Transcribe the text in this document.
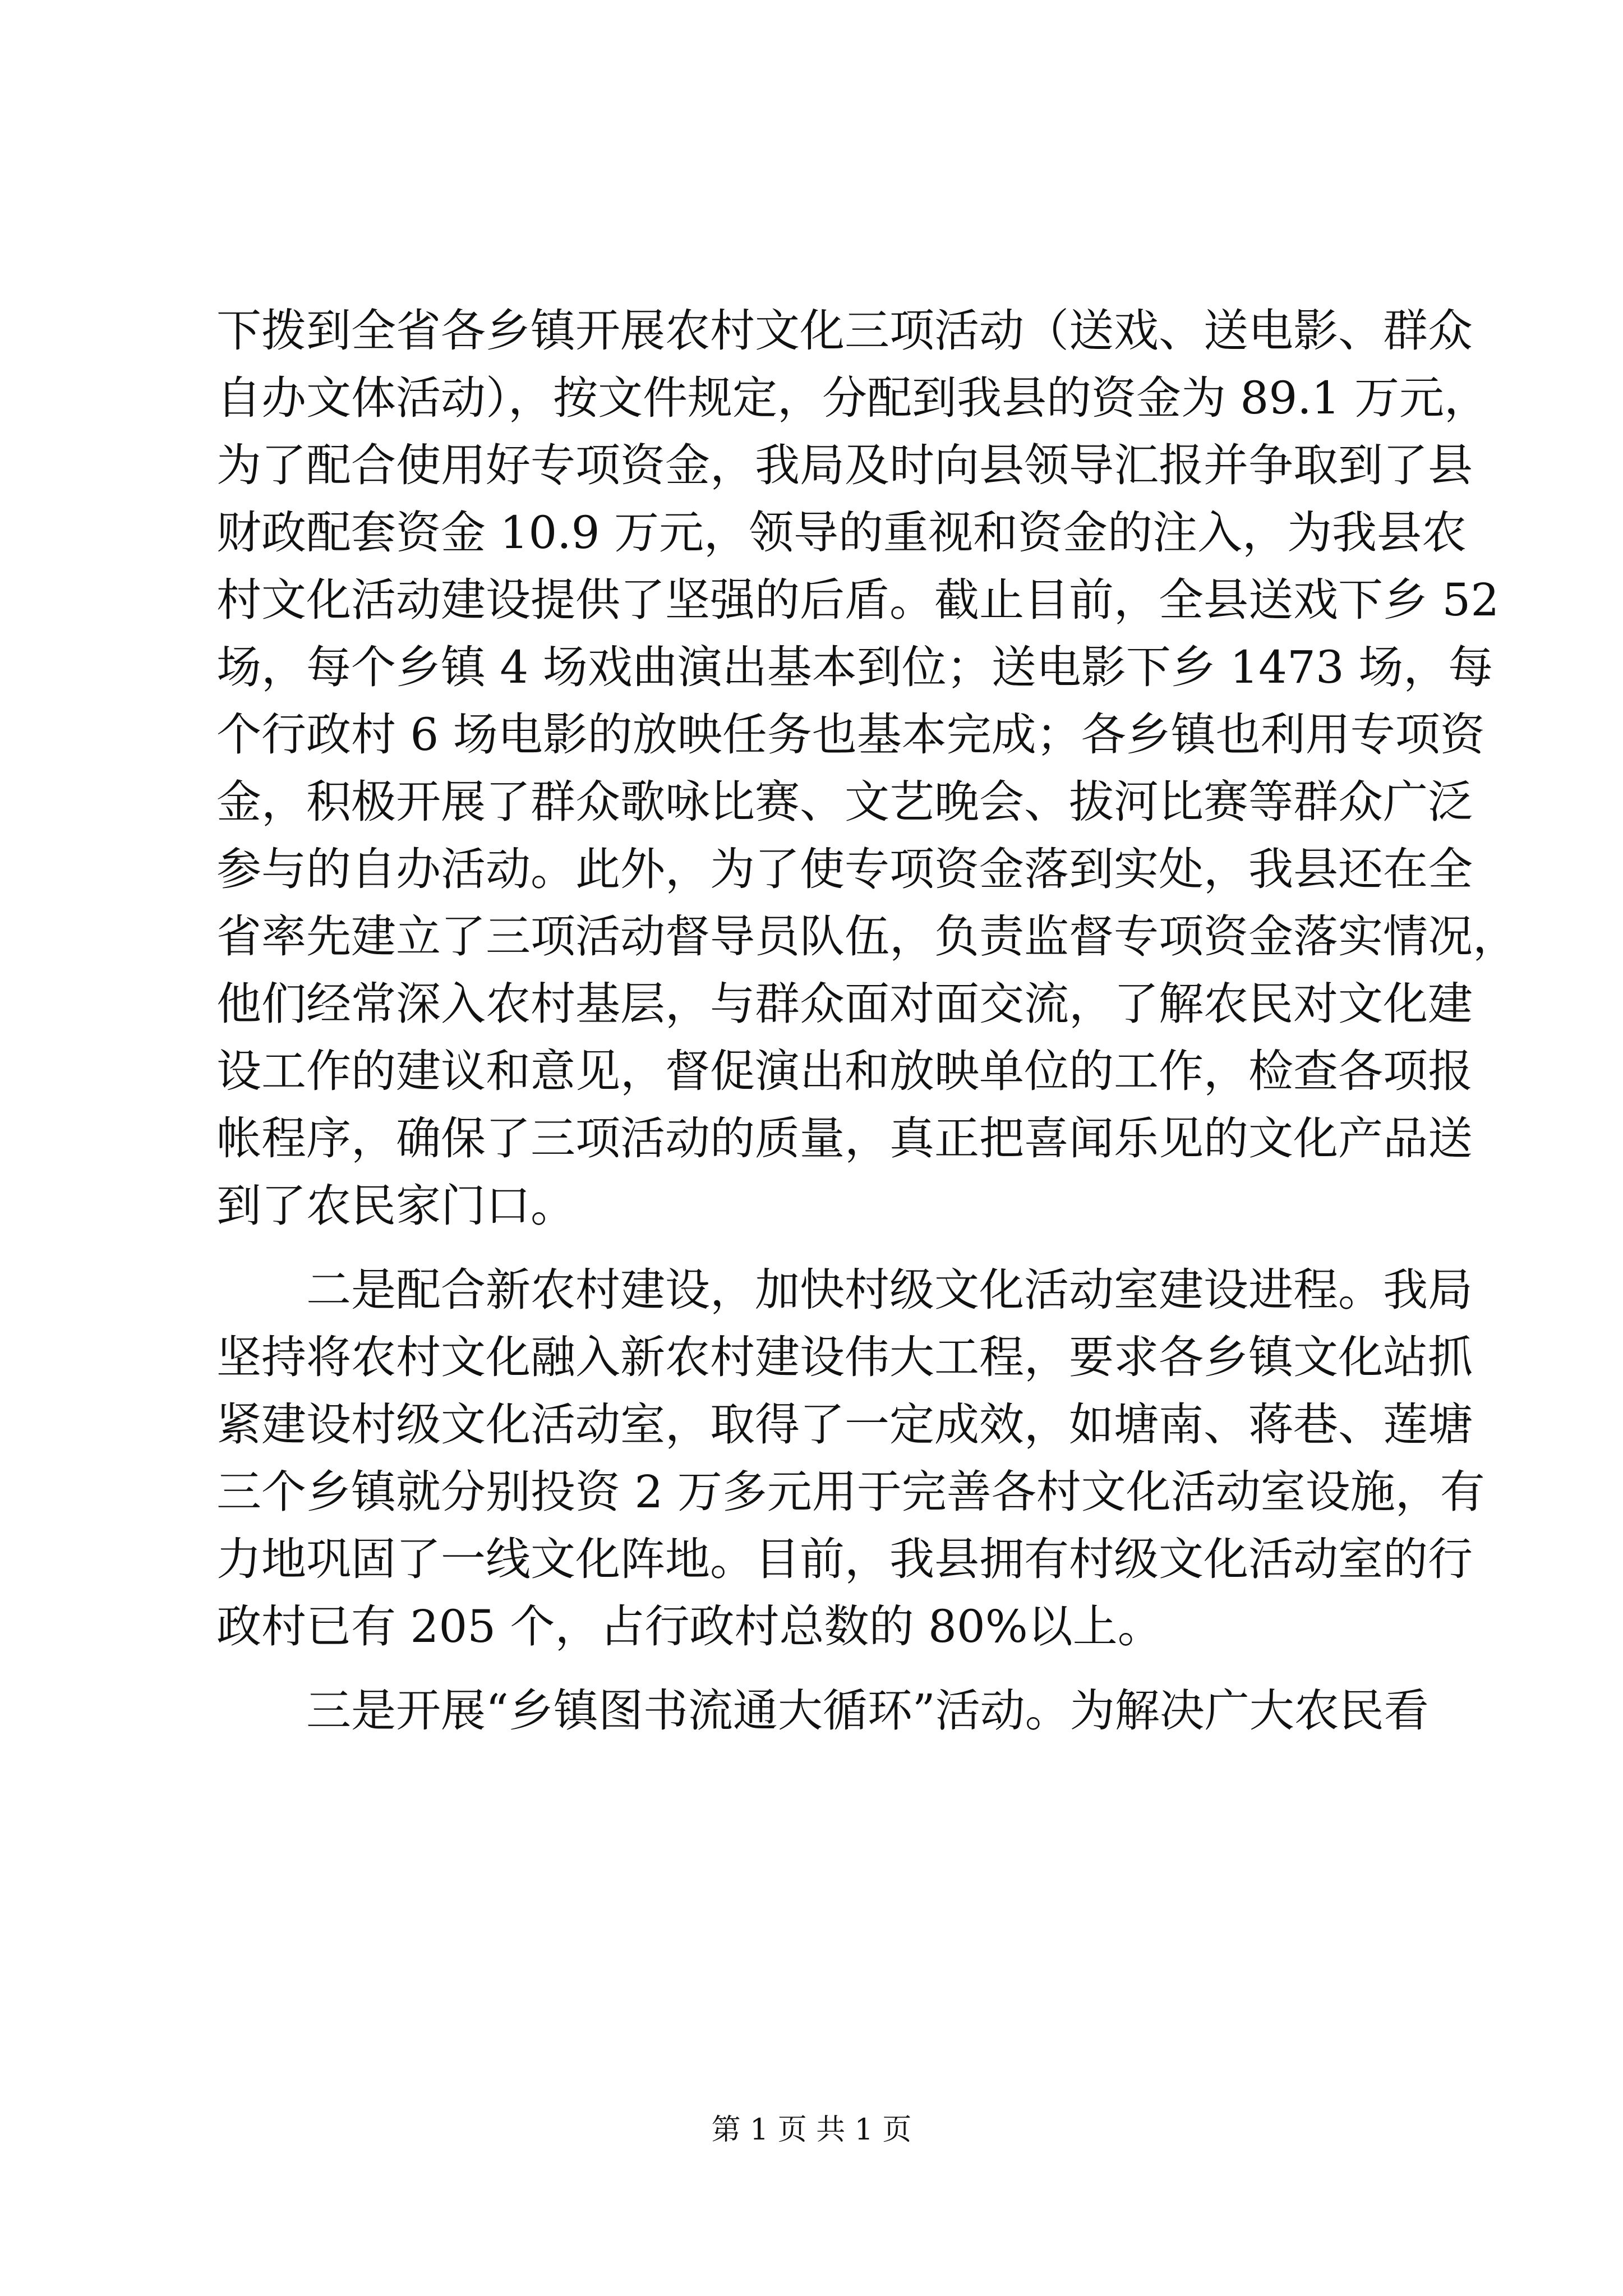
下拨到全省各乡镇开展农村文化三项活动（送戏、送电影、群众
自办文体活动），按文件规定，分配到我县的资金为 89.1 万元，
为了配合使用好专项资金，我局及时向县领导汇报并争取到了县
财政配套资金 10.9 万元，领导的重视和资金的注入，为我县农
村文化活动建设提供了坚强的后盾。截止目前，全县送戏下乡 52
场，每个乡镇 4 场戏曲演出基本到位；送电影下乡 1473 场，每
个行政村 6 场电影的放映任务也基本完成；各乡镇也利用专项资
金，积极开展了群众歌咏比赛、文艺晚会、拔河比赛等群众广泛
参与的自办活动。此外，为了使专项资金落到实处，我县还在全
省率先建立了三项活动督导员队伍，负责监督专项资金落实情况，
他们经常深入农村基层，与群众面对面交流，了解农民对文化建
设工作的建议和意见，督促演出和放映单位的工作，检查各项报
帐程序，确保了三项活动的质量，真正把喜闻乐见的文化产品送
到了农民家门口。
二是配合新农村建设，加快村级文化活动室建设进程。我局
坚持将农村文化融入新农村建设伟大工程，要求各乡镇文化站抓
紧建设村级文化活动室，取得了一定成效，如塘南、蒋巷、莲塘
三个乡镇就分别投资 2 万多元用于完善各村文化活动室设施，有
力地巩固了一线文化阵地。目前，我县拥有村级文化活动室的行
政村已有 205 个，占行政村总数的 80%以上。
三是开展“乡镇图书流通大循环”活动。为解决广大农民看
第 1 页 共 1 页
